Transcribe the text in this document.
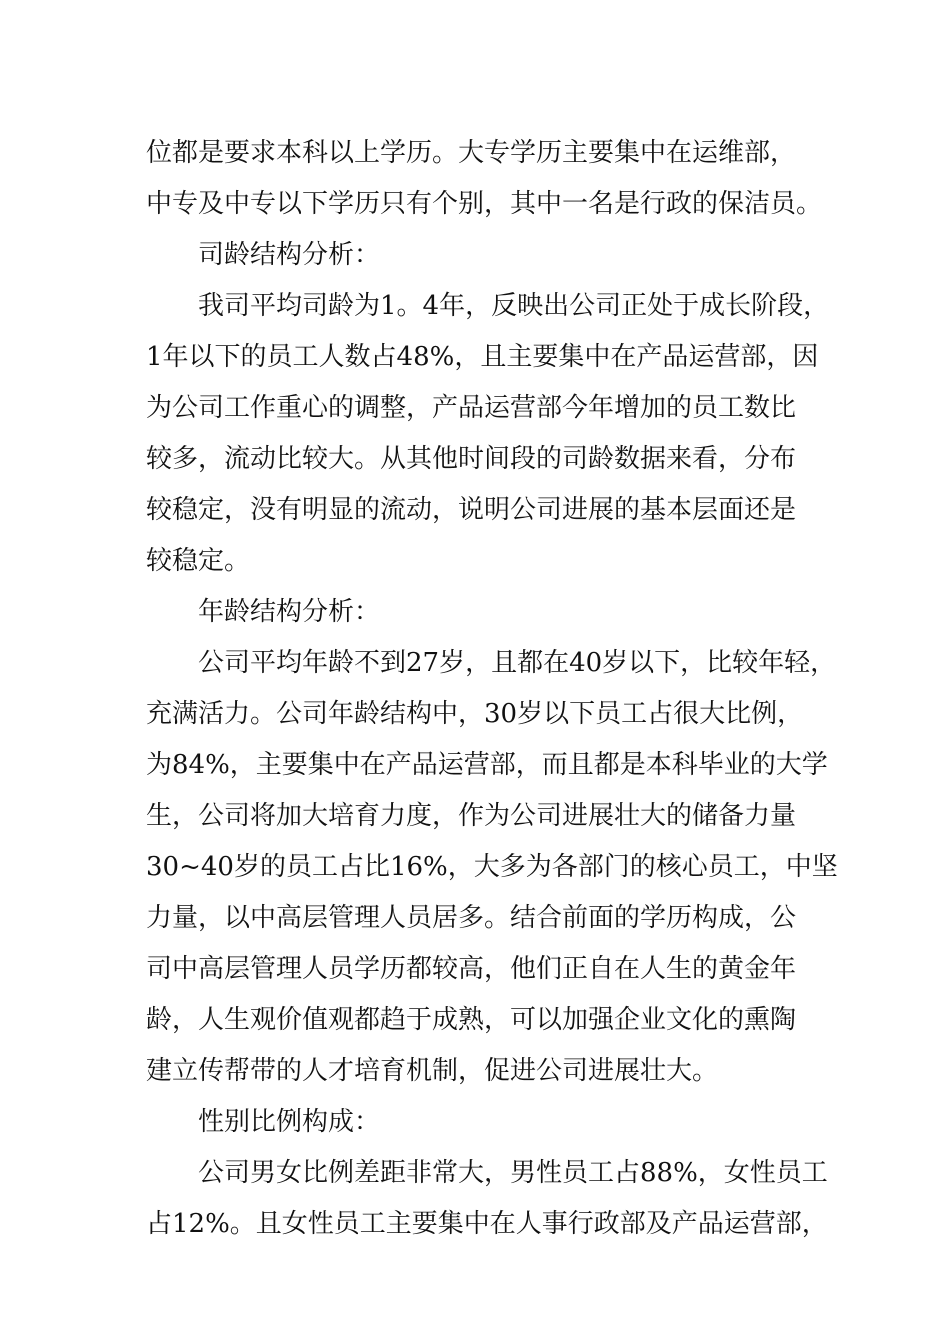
位都是要求本科以上学历。大专学历主要集中在运维部，
中专及中专以下学历只有个别，其中一名是行政的保洁员。
司龄结构分析：
我司平均司龄为1。4年，反映出公司正处于成长阶段，
1年以下的员工人数占48%，且主要集中在产品运营部，因
为公司工作重心的调整，产品运营部今年增加的员工数比
较多，流动比较大。从其他时间段的司龄数据来看，分布
较稳定，没有明显的流动，说明公司进展的基本层面还是
较稳定。
年龄结构分析：
公司平均年龄不到27岁，且都在40岁以下，比较年轻，
充满活力。公司年龄结构中，30岁以下员工占很大比例，
为84%，主要集中在产品运营部，而且都是本科毕业的大学
生，公司将加大培育力度，作为公司进展壮大的储备力量
30~40岁的员工占比16%，大多为各部门的核心员工，中坚
力量，以中高层管理人员居多。结合前面的学历构成，公
司中高层管理人员学历都较高，他们正自在人生的黄金年
龄，人生观价值观都趋于成熟，可以加强企业文化的熏陶
建立传帮带的人才培育机制，促进公司进展壮大。
性别比例构成：
公司男女比例差距非常大，男性员工占88%，女性员工
占12%。且女性员工主要集中在人事行政部及产品运营部，
